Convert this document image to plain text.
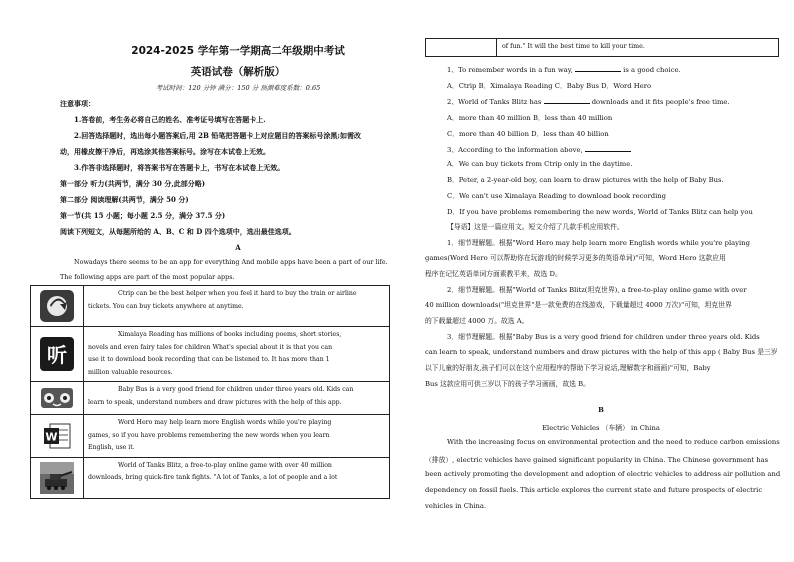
2024-2025 学年第一学期高二年级期中考试
英语试卷（解析版）
考试时间：120 分钟 满分：150 分 预测难度系数：0.65
注意事项：
1.答卷前，考生务必将自己的姓名、准考证号填写在答题卡上.
2.回答选择题时，选出每小题答案后,用 2B 铅笔把答题卡上对应题目的答案标号涂黑;如需改
动，用橡皮擦干净后，再选涂其他答案标号。涂写在本试卷上无效。
3.作答非选择题时，将答案书写在答题卡上，书写在本试卷上无效。
第一部分 听力(共两节，满分 30 分,此部分略)
第二部分 阅读理解(共两节，满分 50 分)
第一节(共 15 小题；每小题 2.5 分，满分 37.5 分)
阅读下列短文，从每题所给的 A、B、C 和 D 四个选项中，选出最佳选项。
A
Nowadays there seems to be an app for everything And mobile apps have been a part of our life.
The following apps are part of the most popular apps.

Ctrip can be the best helper when you feel it hard to buy the train or airline
tickets. You can buy tickets anywhere at anytime.

听	Ximalaya Reading has millions of books including poems, short stories,
novels and even fairy tales for children What's special about it is that you can
use it to download book recording that can be listened to. It has more than 1
million valuable resources.

Baby Bus is a very good friend for children under three years old. Kids can
learn to speak, understand numbers and draw pictures with the help of this app.

W	Word Hero may help learn more English words while you're playing
games, so if you have problems remembering the new words when you learn
English, use it.

World of Tanks Blitz, a free-to-play online game with over 40 million
downloads, bring quick-fire tank fights. "A lot of Tanks, a lot of people and a lot
of fun." It will the best time to kill your time.
1、To remember words in a fun way,	is a good choice.
A．Ctrip B．Ximalaya Reading C．Baby Bus D．Word Hero
2、World of Tanks Blitz has	downloads and it fits people's free time.
A．more than 40 million B．less than 40 million
C．more than 40 billion D．less than 40 billion
3、According to the information above,
A．We can buy tickets from Ctrip only in the daytime.
B．Peter, a 2-year-old boy, can learn to draw pictures with the help of Baby Bus.
C．We can't use Ximalaya Reading to download book recording
D．If you have problems remembering the new words, World of Tanks Blitz can help you
【导语】这是一篇应用文。短文介绍了几款手机应用软件。
1．细节理解题。根据"Word Hero may help learn more English words while you're playing
games(Word Hero 可以帮助你在玩游戏的时候学习更多的英语单词)"可知，Word Hero 这款应用
程序在记忆英语单词方面素教平来，故选 D。
2．细节理解题。根据"World of Tanks Blitz(坦克世界), a free-to-play online game with over
40 million downloads("坦克世界"是一款免费的在线游戏，下载量超过 4000 万次)"可知，坦克世界
的下载量超过 4000 万。故选 A。
3．细节理解题。根据"Baby Bus is a very good friend for children under three years old. Kids
can learn to speak, understand numbers and draw pictures with the help of this app ( Baby Bus 是三岁
以下儿童的好朋友,孩子们可以在这个应用程序的帮助下学习说话,理解数字和画画)"可知，Baby
Bus 这款应用可供三岁以下的孩子学习画画，故选 B。
B
Electric Vehicles （车辆） in China
With the increasing focus on environmental protection and the need to reduce carbon emissions
（排放）, electric vehicles have gained significant popularity in China. The Chinese government has
been actively promoting the development and adoption of electric vehicles to address air pollution and
dependency on fossil fuels. This article explores the current state and future prospects of electric
vehicles in China.
